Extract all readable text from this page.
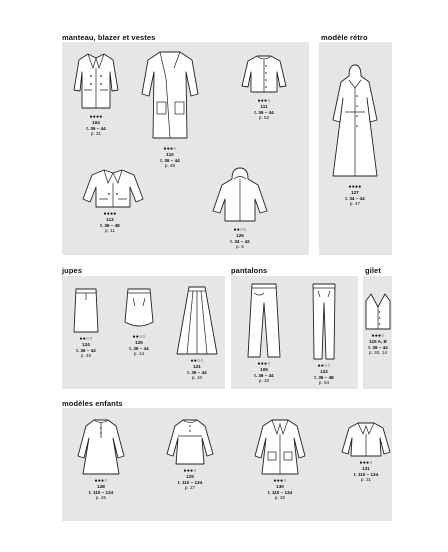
manteau, blazer et vestes
●●●●
104
t. 36 – 44
p. 31
●●●○
110
t. 36 – 44
p. 48
●●●○
111
t. 36 – 44
p. 52
●●●●
113
t. 36 – 48
p. 11	●●○○
126
t. 34 – 42
p. 6
modèle rétro
●●●●
127
t. 34 – 44
p. 47
jupes
●●○○
124
t. 36 – 44
p. 49
●●○○
125
t. 36 – 44
p. 14
●●○○
121
t. 36 – 44
p. 10
pantalons
●●●○
105
t. 36 – 44
p. 33
●●○○
122
t. 36 – 48
p. 54
gilet
●●●○
115 A, B
t. 36 – 44
p. 30, 14
modèles enfants
●●●○
128
t. 110 – 134
p. 26
●●●○
129
t. 110 – 134
p. 27
●●●○
130
t. 110 – 134
p. 32
●●●○
131
t. 110 – 134
p. 31
